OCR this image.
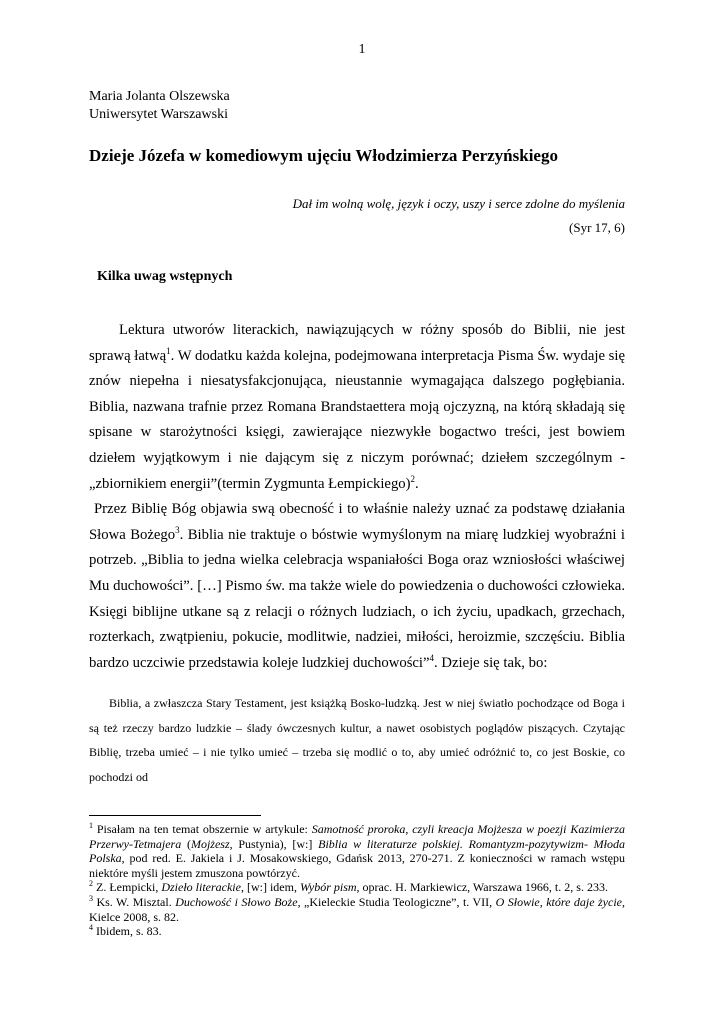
1
Maria Jolanta Olszewska
Uniwersytet Warszawski
Dzieje Józefa w komediowym ujęciu Włodzimierza Perzyńskiego
Dał im wolną wolę, język i oczy, uszy i serce zdolne do myślenia
(Syr 17, 6)
Kilka uwag wstępnych

Lektura utworów literackich, nawiązujących w różny sposób do Biblii, nie jest sprawą łatwą$^1$. W dodatku każda kolejna, podejmowana interpretacja Pisma Św. wydaje się znów niepełna i niesatysfakcjonująca, nieustannie wymagająca dalszego pogłębiania. Biblia, nazwana trafnie przez Romana Brandstaettera moją ojczyzną, na którą składają się spisane w starożytności księgi, zawierające niezwykłe bogactwo treści, jest bowiem dziełem wyjątkowym i nie dającym się z niczym porównać; dziełem szczególnym - „zbiornikiem energii”(termin Zygmunta Łempickiego)$^2$.

Przez Biblię Bóg objawia swą obecność i to właśnie należy uznać za podstawę działania Słowa Bożego$^3$. Biblia nie traktuje o bóstwie wymyślonym na miarę ludzkiej wyobraźni i potrzeb. „Biblia to jedna wielka celebracja wspaniałości Boga oraz wzniosłości właściwej Mu duchowości”. […] Pismo św. ma także wiele do powiedzenia o duchowości człowieka. Księgi biblijne utkane są z relacji o różnych ludziach, o ich życiu, upadkach, grzechach, rozterkach, zwątpieniu, pokucie, modlitwie, nadziei, miłości, heroizmie, szczęściu. Biblia bardzo uczciwie przedstawia koleje ludzkiej duchowości”$^4$. Dzieje się tak, bo:

Biblia, a zwłaszcza Stary Testament, jest książką Bosko-ludzką. Jest w niej światło pochodzące od Boga i są też rzeczy bardzo ludzkie – ślady ówczesnych kultur, a nawet osobistych poglądów piszących. Czytając Biblię, trzeba umieć – i nie tylko umieć – trzeba się modlić o to, aby umieć odróżnić to, co jest Boskie, co pochodzi od

$^1$ Pisałam na ten temat obszernie w artykule: Samotność proroka, czyli kreacja Mojżesza w poezji Kazimierza Przerwy-Tetmajera (Mojżesz, Pustynia), [w:] Biblia w literaturze polskiej. Romantyzm-pozytywizm- Młoda Polska, pod red. E. Jakiela i J. Mosakowskiego, Gdańsk 2013, 270-271. Z konieczności w ramach wstępu niektóre myśli jestem zmuszona powtórzyć.

$^2$ Z. Łempicki, Dzieło literackie, [w:] idem, Wybór pism, oprac. H. Markiewicz, Warszawa 1966, t. 2, s. 233.

$^3$ Ks. W. Misztal. Duchowość i Słowo Boże, „Kieleckie Studia Teologiczne”, t. VII, O Słowie, które daje życie, Kielce 2008, s. 82.

$^4$ Ibidem, s. 83.
